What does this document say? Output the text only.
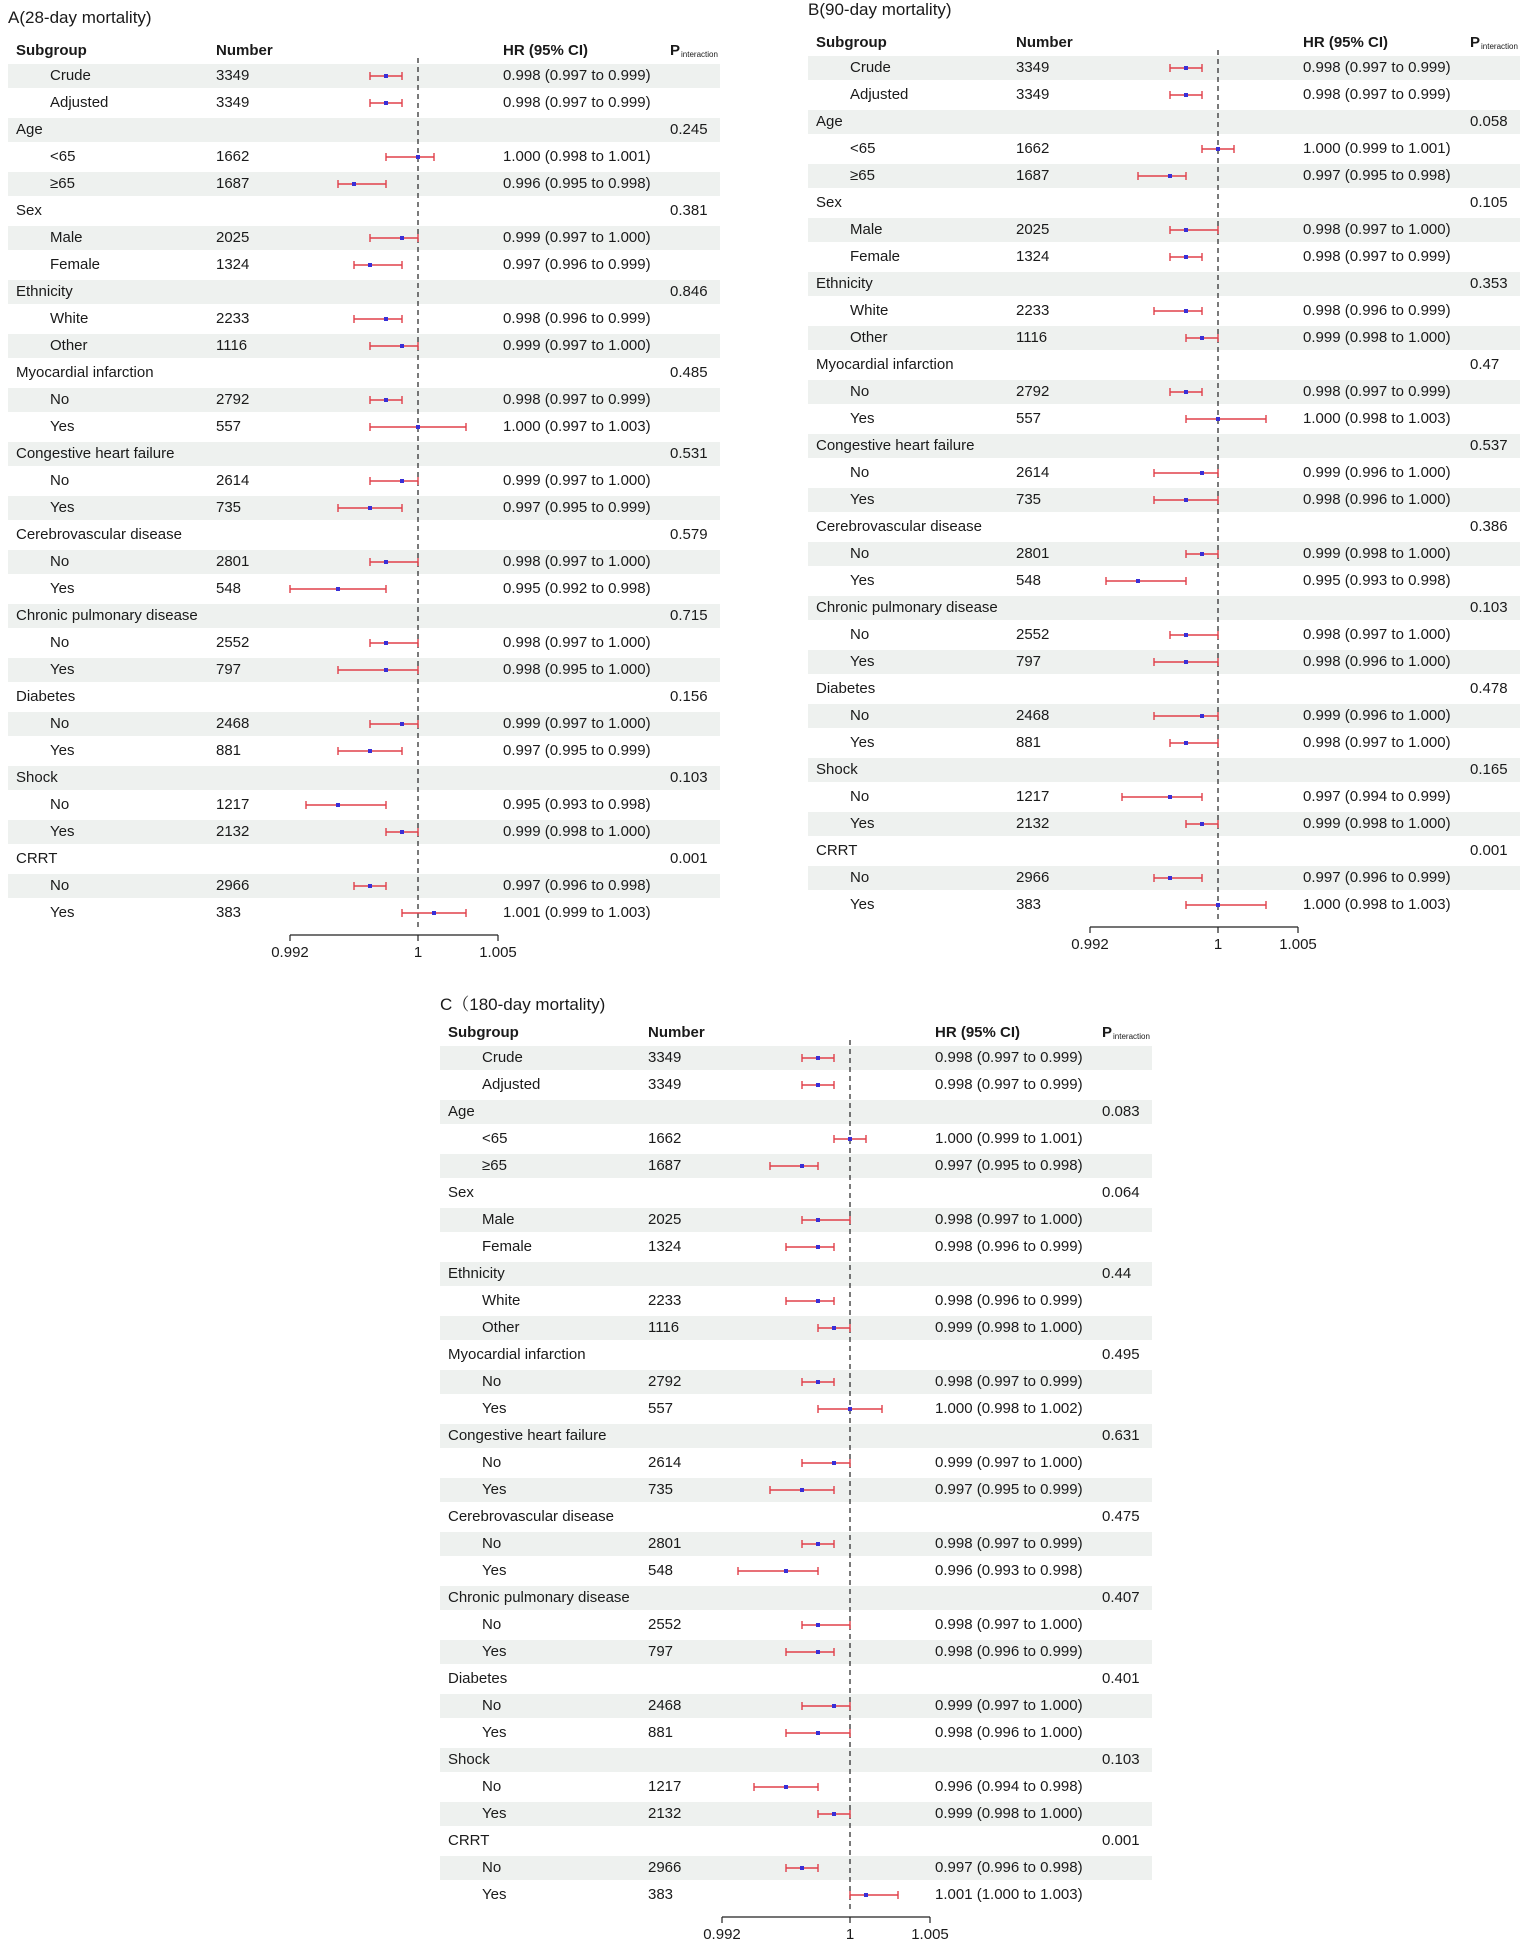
A(28-day mortality)
Subgroup	Number	HR (95% CI)	$P_{interaction}$
Crude	3349	0.998 (0.997 to 0.999)
Adjusted	3349	0.998 (0.997 to 0.999)
Age	0.245
<65	1662	1.000 (0.998 to 1.001)
≥65	1687	0.996 (0.995 to 0.998)
Sex	0.381
Male	2025	0.999 (0.997 to 1.000)
Female	1324	0.997 (0.996 to 0.999)
Ethnicity	0.846
White	2233	0.998 (0.996 to 0.999)
Other	1116	0.999 (0.997 to 1.000)
Myocardial infarction	0.485
No	2792	0.998 (0.997 to 0.999)
Yes	557	1.000 (0.997 to 1.003)
Congestive heart failure	0.531
No	2614	0.999 (0.997 to 1.000)
Yes	735	0.997 (0.995 to 0.999)
Cerebrovascular disease	0.579
No	2801	0.998 (0.997 to 1.000)
Yes	548	0.995 (0.992 to 0.998)
Chronic pulmonary disease	0.715
No	2552	0.998 (0.997 to 1.000)
Yes	797	0.998 (0.995 to 1.000)
Diabetes	0.156
No	2468	0.999 (0.997 to 1.000)
Yes	881	0.997 (0.995 to 0.999)
Shock	0.103
No	1217	0.995 (0.993 to 0.998)
Yes	2132	0.999 (0.998 to 1.000)
CRRT	0.001
No	2966	0.997 (0.996 to 0.998)
Yes	383	1.001 (0.999 to 1.003)
0.992	1	1.005
B(90-day mortality)
Subgroup	Number	HR (95% CI)	$P_{interaction}$
Crude	3349	0.998 (0.997 to 0.999)
Adjusted	3349	0.998 (0.997 to 0.999)
Age	0.058
<65	1662	1.000 (0.999 to 1.001)
≥65	1687	0.997 (0.995 to 0.998)
Sex	0.105
Male	2025	0.998 (0.997 to 1.000)
Female	1324	0.998 (0.997 to 0.999)
Ethnicity	0.353
White	2233	0.998 (0.996 to 0.999)
Other	1116	0.999 (0.998 to 1.000)
Myocardial infarction	0.47
No	2792	0.998 (0.997 to 0.999)
Yes	557	1.000 (0.998 to 1.003)
Congestive heart failure	0.537
No	2614	0.999 (0.996 to 1.000)
Yes	735	0.998 (0.996 to 1.000)
Cerebrovascular disease	0.386
No	2801	0.999 (0.998 to 1.000)
Yes	548	0.995 (0.993 to 0.998)
Chronic pulmonary disease	0.103
No	2552	0.998 (0.997 to 1.000)
Yes	797	0.998 (0.996 to 1.000)
Diabetes	0.478
No	2468	0.999 (0.996 to 1.000)
Yes	881	0.998 (0.997 to 1.000)
Shock	0.165
No	1217	0.997 (0.994 to 0.999)
Yes	2132	0.999 (0.998 to 1.000)
CRRT	0.001
No	2966	0.997 (0.996 to 0.999)
Yes	383	1.000 (0.998 to 1.003)
0.992	1	1.005
C（180-day mortality)
Subgroup	Number	HR (95% CI)	$P_{interaction}$
Crude	3349	0.998 (0.997 to 0.999)
Adjusted	3349	0.998 (0.997 to 0.999)
Age	0.083
<65	1662	1.000 (0.999 to 1.001)
≥65	1687	0.997 (0.995 to 0.998)
Sex	0.064
Male	2025	0.998 (0.997 to 1.000)
Female	1324	0.998 (0.996 to 0.999)
Ethnicity	0.44
White	2233	0.998 (0.996 to 0.999)
Other	1116	0.999 (0.998 to 1.000)
Myocardial infarction	0.495
No	2792	0.998 (0.997 to 0.999)
Yes	557	1.000 (0.998 to 1.002)
Congestive heart failure	0.631
No	2614	0.999 (0.997 to 1.000)
Yes	735	0.997 (0.995 to 0.999)
Cerebrovascular disease	0.475
No	2801	0.998 (0.997 to 0.999)
Yes	548	0.996 (0.993 to 0.998)
Chronic pulmonary disease	0.407
No	2552	0.998 (0.997 to 1.000)
Yes	797	0.998 (0.996 to 0.999)
Diabetes	0.401
No	2468	0.999 (0.997 to 1.000)
Yes	881	0.998 (0.996 to 1.000)
Shock	0.103
No	1217	0.996 (0.994 to 0.998)
Yes	2132	0.999 (0.998 to 1.000)
CRRT	0.001
No	2966	0.997 (0.996 to 0.998)
Yes	383	1.001 (1.000 to 1.003)
0.992	1	1.005
